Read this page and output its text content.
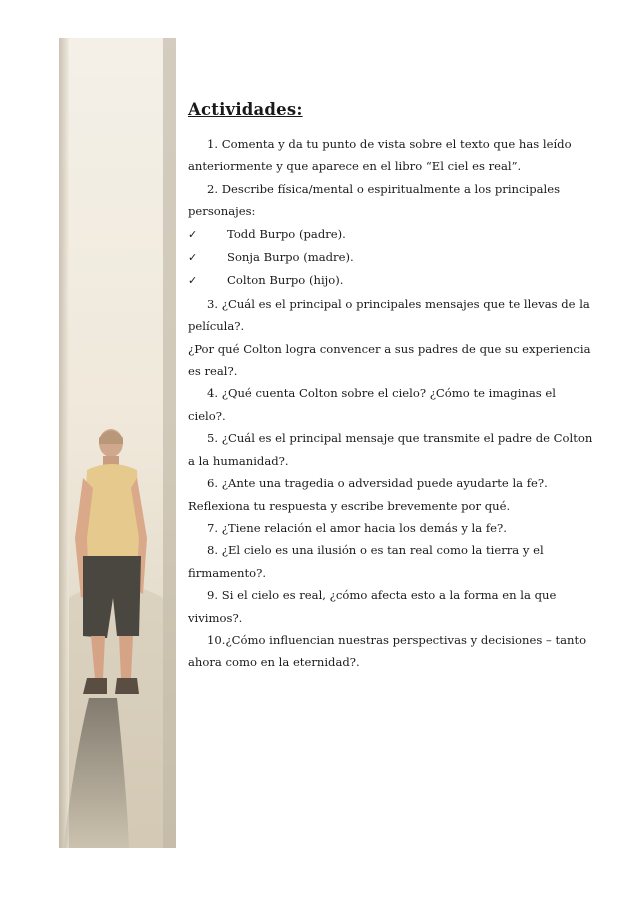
Actividades:
1. Comenta y da tu punto de vista sobre el texto que has leído
anteriormente y que aparece en el libro “El ciel es real”.
2. Describe física/mental o espiritualmente a los principales
personajes:
✓	Todd Burpo (padre).
✓	Sonja Burpo (madre).
✓	Colton Burpo (hijo).
3. ¿Cuál es el principal o principales mensajes que te llevas de la
película?.
¿Por qué Colton logra convencer a sus padres de que su experiencia
es real?.
4. ¿Qué cuenta Colton sobre el cielo? ¿Cómo te imaginas el
cielo?.
5. ¿Cuál es el principal mensaje que transmite el padre de Colton
a la humanidad?.
6. ¿Ante una tragedia o adversidad puede ayudarte la fe?.
Reflexiona tu respuesta y escribe brevemente por qué.
7. ¿Tiene relación el amor hacia los demás y la fe?.
8. ¿El cielo es una ilusión o es tan real como la tierra y el
firmamento?.
9. Si el cielo es real, ¿cómo afecta esto a la forma en la que
vivimos?.
10.¿Cómo influencian nuestras perspectivas y decisiones – tanto
ahora como en la eternidad?.
